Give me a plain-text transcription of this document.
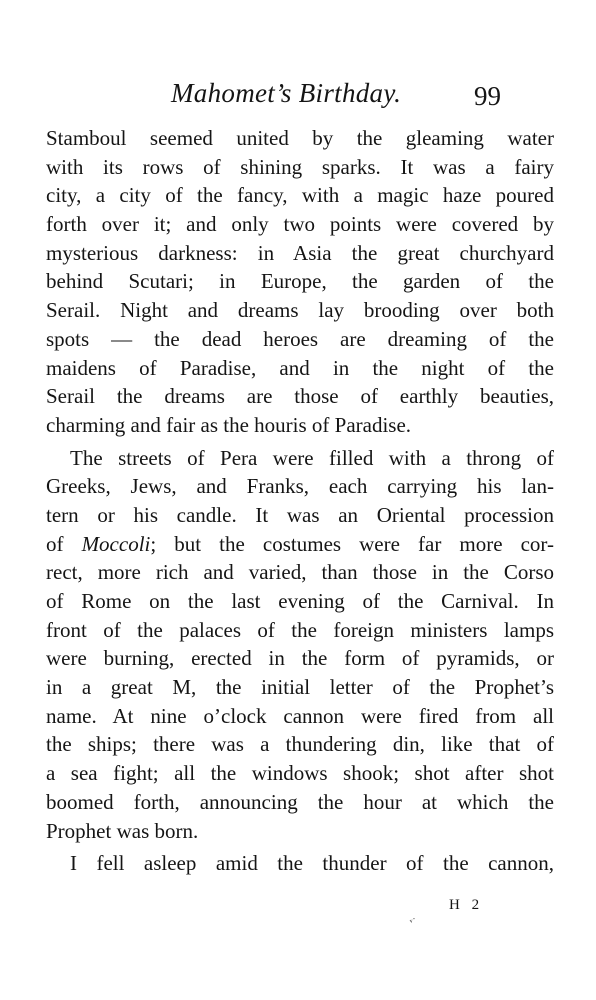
Mahomet’s Birthday.	99
Stamboul seemed united by the gleaming water
with its rows of shining sparks. It was a fairy
city, a city of the fancy, with a magic haze poured
forth over it; and only two points were covered by
mysterious darkness: in Asia the great churchyard
behind Scutari; in Europe, the garden of the
Serail. Night and dreams lay brooding over both
spots — the dead heroes are dreaming of the
maidens of Paradise, and in the night of the
Serail the dreams are those of earthly beauties,
charming and fair as the houris of Paradise.
The streets of Pera were filled with a throng of
Greeks, Jews, and Franks, each carrying his lan-
tern or his candle. It was an Oriental procession
of Moccoli; but the costumes were far more cor-
rect, more rich and varied, than those in the Corso
of Rome on the last evening of the Carnival. In
front of the palaces of the foreign ministers lamps
were burning, erected in the form of pyramids, or
in a great M, the initial letter of the Prophet’s
name. At nine o’clock cannon were fired from all
the ships; there was a thundering din, like that of
a sea fight; all the windows shook; shot after shot
boomed forth, announcing the hour at which the
Prophet was born.
I fell asleep amid the thunder of the cannon,
H 2
ᵛ˙
